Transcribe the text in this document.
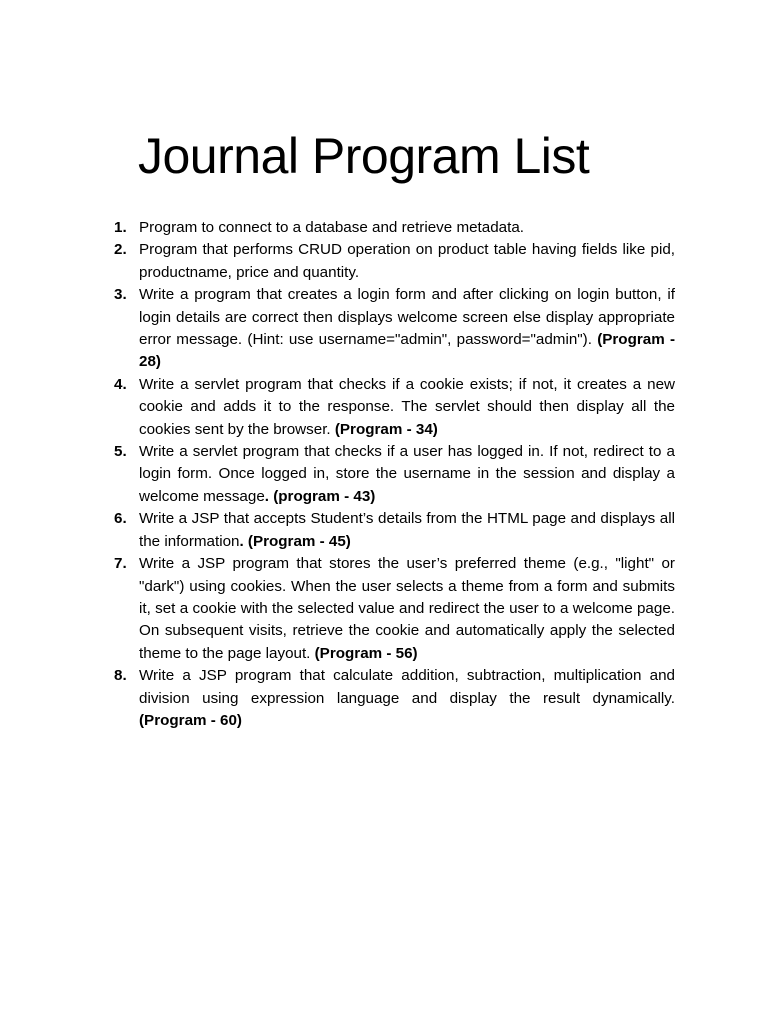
Journal Program List
1. Program to connect to a database and retrieve metadata.
2. Program that performs CRUD operation on product table having fields like pid, productname, price and quantity.
3. Write a program that creates a login form and after clicking on login button, if login details are correct then displays welcome screen else display appropriate error message. (Hint: use username="admin", password="admin"). (Program - 28)
4. Write a servlet program that checks if a cookie exists; if not, it creates a new cookie and adds it to the response. The servlet should then display all the cookies sent by the browser. (Program - 34)
5. Write a servlet program that checks if a user has logged in. If not, redirect to a login form. Once logged in, store the username in the session and display a welcome message. (program - 43)
6. Write a JSP that accepts Student’s details from the HTML page and displays all the information. (Program - 45)
7. Write a JSP program that stores the user’s preferred theme (e.g., "light" or "dark") using cookies. When the user selects a theme from a form and submits it, set a cookie with the selected value and redirect the user to a welcome page. On subsequent visits, retrieve the cookie and automatically apply the selected theme to the page layout. (Program - 56)
8. Write a JSP program that calculate addition, subtraction, multiplication and division using expression language and display the result dynamically. (Program - 60)
